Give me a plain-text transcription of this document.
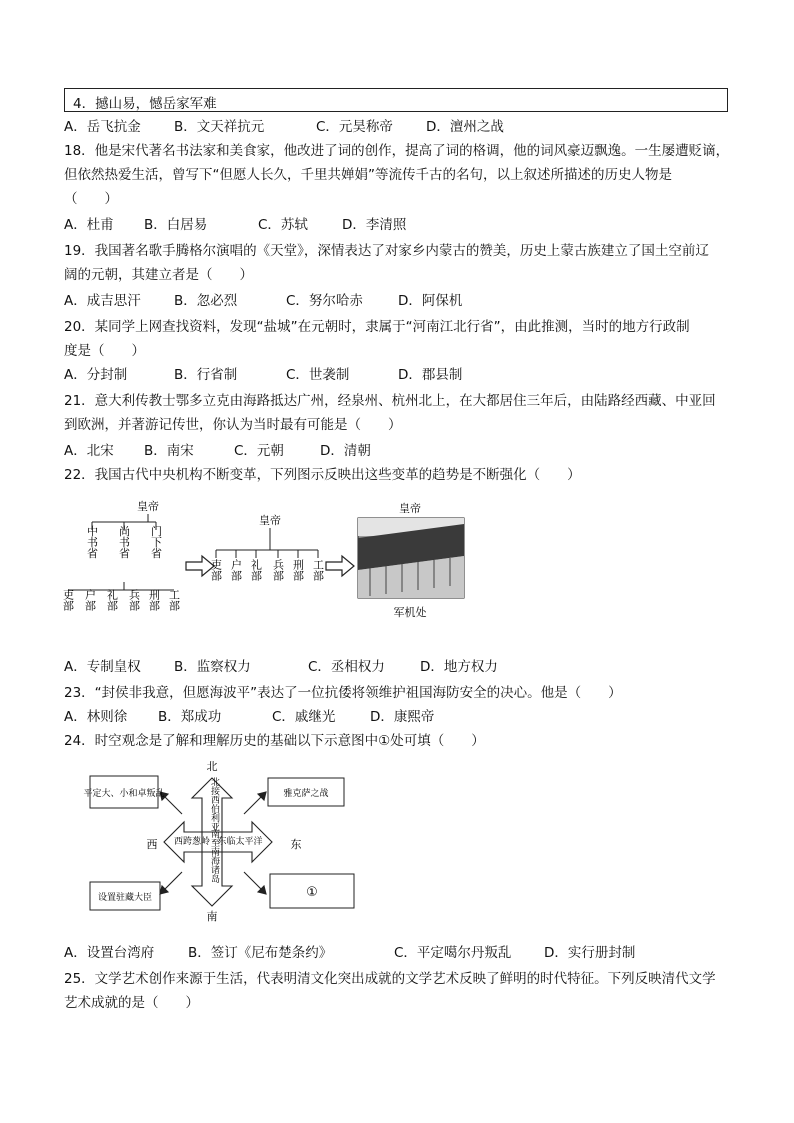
4．撼山易，憾岳家军难
A．岳飞抗金 B．文天祥抗元	C．元昊称帝 D．澶州之战
18．他是宋代著名书法家和美食家，他改进了词的创作，提高了词的格调，他的词风豪迈飘逸。一生屡遭贬谪，
但依然热爱生活，曾写下“但愿人长久，千里共婵娟”等流传千古的名句，以上叙述所描述的历史人物是
（　　）
A．杜甫 B．白居易	C．苏轼	D．李清照
19．我国著名歌手腾格尔演唱的《天堂》，深情表达了对家乡内蒙古的赞美，历史上蒙古族建立了国土空前辽
阔的元朝，其建立者是（　　）
A．成吉思汗 B．忽必烈	C．努尔哈赤	D．阿保机
20．某同学上网查找资料，发现“盐城”在元朝时，隶属于“河南江北行省”，由此推测，当时的地方行政制
度是（　　）
A．分封制	B．行省制	C．世袭制	D．郡县制
21．意大利传教士鄂多立克由海路抵达广州，经泉州、杭州北上，在大都居住三年后，由陆路经西藏、中亚回
到欧洲，并著游记传世，你认为当时最有可能是（　　）
A．北宋 B．南宋	C．元朝	D．清朝
22．我国古代中央机构不断变革，下列图示反映出这些变革的趋势是不断强化（　　）
皇帝
中书省 尚书省 门下省
吏部 户部 礼部 兵部 刑部 工部
皇帝
吏部 户部 礼部 兵部 刑部 工部
皇帝
军机处
A．专制皇权 B．监察权力	C．丞相权力	D．地方权力
23．“封侯非我意，但愿海波平”表达了一位抗倭将领维护祖国海防安全的决心。他是（　　）
A．林则徐 B．郑成功	C．戚继光	D．康熙帝
24．时空观念是了解和理解历史的基础以下示意图中①处可填（　　）
北
南
西	东
北接西伯利亚
南至南海诸岛
西跨葱岭 东临太平洋
平定大、小和卓叛乱	雅克萨之战
设置驻藏大臣	①
A．设置台湾府	B．签订《尼布楚条约》	C．平定噶尔丹叛乱 D．实行册封制
25．文学艺术创作来源于生活，代表明清文化突出成就的文学艺术反映了鲜明的时代特征。下列反映清代文学
艺术成就的是（　　）
